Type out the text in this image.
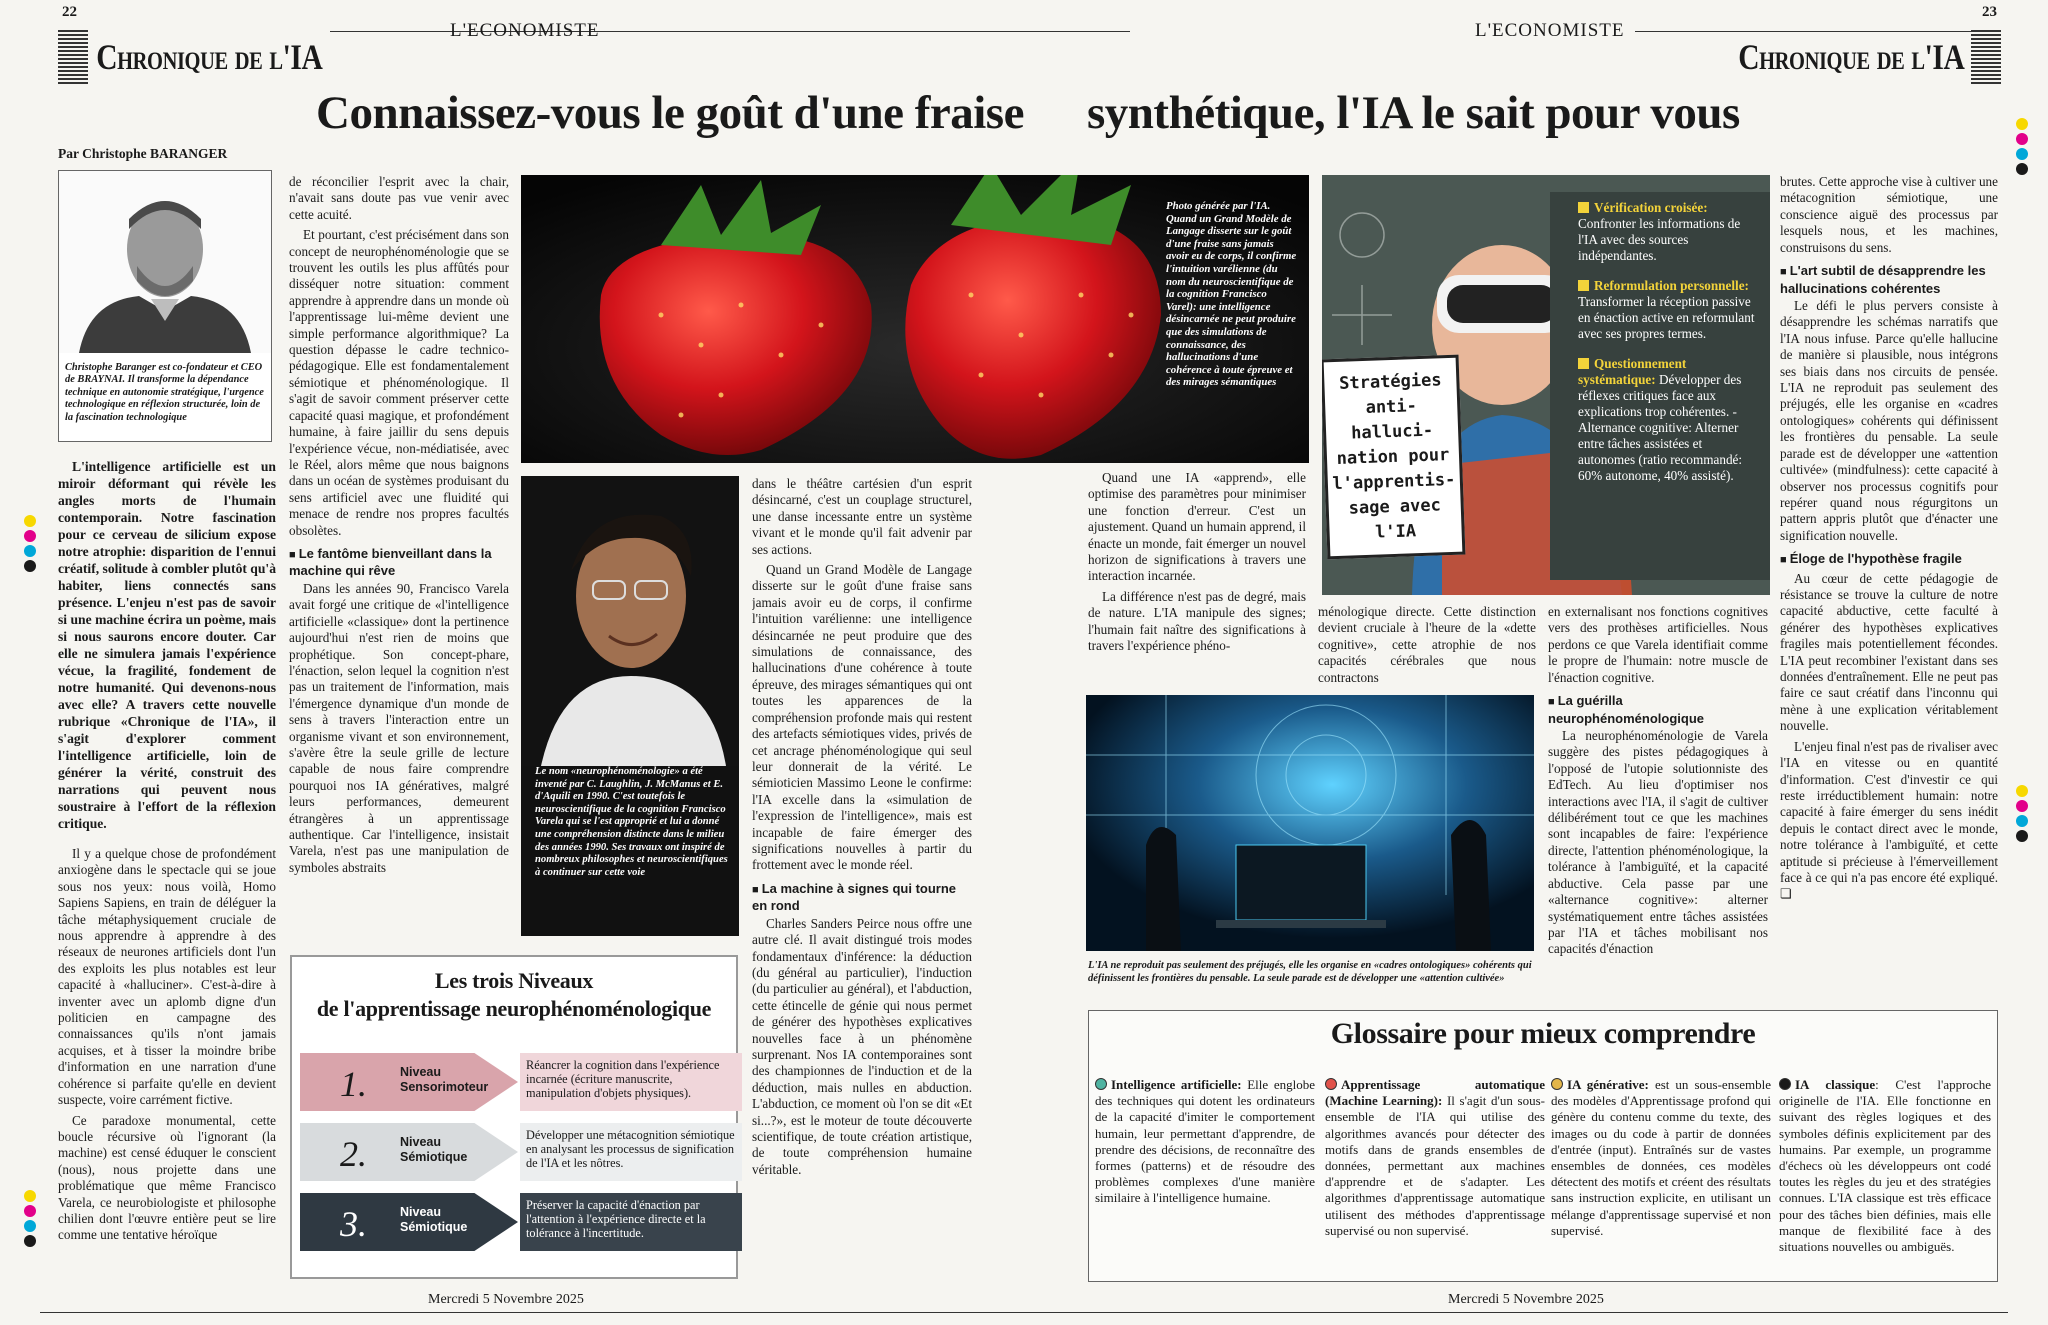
22	23
L'ECONOMISTE	L'ECONOMISTE
Chronique de l'IA	Chronique de l'IA
Connaissez-vous le goût d'une fraise synthétique, l'IA le sait pour vous
Par Christophe BARANGER
Christophe Baranger est co-fondateur et CEO de BRAYNAI. Il transforme la dépendance technique en autonomie stratégique, l'urgence technologique en réflexion structurée, loin de la fascination technologique

L'intelligence artificielle est un miroir déformant qui révèle les angles morts de l'humain contemporain. Notre fascination pour ce cerveau de silicium expose notre atrophie: disparition de l'ennui créatif, solitude à combler plutôt qu'à habiter, liens connectés sans présence. L'enjeu n'est pas de savoir si une machine écrira un poème, mais si nous saurons encore douter. Car elle ne simulera jamais l'expérience vécue, la fragilité, fondement de notre humanité. Qui devenons-nous avec elle? A travers cette nouvelle rubrique «Chronique de l'IA», il s'agit d'explorer comment l'intelligence artificielle, loin de générer la vérité, construit des narrations qui peuvent nous soustraire à l'effort de la réflexion critique.

Il y a quelque chose de profondément anxiogène dans le spectacle qui se joue sous nos yeux: nous voilà, Homo Sapiens Sapiens, en train de déléguer la tâche métaphysiquement cruciale de nous apprendre à apprendre à des réseaux de neurones artificiels dont l'un des exploits les plus notables est leur capacité à «halluciner». C'est-à-dire à inventer avec un aplomb digne d'un politicien en campagne des connaissances qu'ils n'ont jamais acquises, et à tisser la moindre bribe d'information en une narration d'une cohérence si parfaite qu'elle en devient suspecte, voire carrément fictive.

Ce paradoxe monumental, cette boucle récursive où l'ignorant (la machine) est censé éduquer le conscient (nous), nous projette dans une problématique que même Francisco Varela, ce neurobiologiste et philosophe chilien dont l'œuvre entière peut se lire comme une tentative héroïque

de réconcilier l'esprit avec la chair, n'avait sans doute pas vue venir avec cette acuité.

Et pourtant, c'est précisément dans son concept de neurophénoménologie que se trouvent les outils les plus affûtés pour disséquer notre situation: comment apprendre à apprendre dans un monde où l'apprentissage lui-même devient une simple performance algorithmique? La question dépasse le cadre technico-pédagogique. Elle est fondamentalement sémiotique et phénoménologique. Il s'agit de savoir comment préserver cette capacité quasi magique, et profondément humaine, à faire jaillir du sens depuis l'expérience vécue, non-médiatisée, avec le Réel, alors même que nous baignons dans un océan de systèmes produisant du sens artificiel avec une fluidité qui menace de rendre nos propres facultés obsolètes.

■ Le fantôme bienveillant dans la machine qui rêve

Dans les années 90, Francisco Varela avait forgé une critique de «l'intelligence artificielle «classique» dont la pertinence aujourd'hui n'est rien de moins que prophétique. Son concept-phare, l'énaction, selon lequel la cognition n'est pas un traitement de l'information, mais l'émergence dynamique d'un monde de sens à travers l'interaction entre un organisme vivant et son environnement, s'avère être la seule grille de lecture capable de nous faire comprendre pourquoi nos IA génératives, malgré leurs performances, demeurent étrangères à un apprentissage authentique. Car l'intelligence, insistait Varela, n'est pas une manipulation de symboles abstraits

Photo générée par l'IA. Quand un Grand Modèle de Langage disserte sur le goût d'une fraise sans jamais avoir eu de corps, il confirme l'intuition varélienne (du nom du neuroscientifique de la cognition Francisco Varel): une intelligence désincarnée ne peut produire que des simulations de connaissance, des hallucinations d'une cohérence à toute épreuve et des mirages sémantiques
Le nom «neurophénoménologie» a été inventé par C. Laughlin, J. McManus et E. d'Aquili en 1990. C'est toutefois le neuroscientifique de la cognition Francisco Varela qui se l'est approprié et lui a donné une compréhension distincte dans le milieu des années 1990. Ses travaux ont inspiré de nombreux philosophes et neuroscientifiques à continuer sur cette voie

dans le théâtre cartésien d'un esprit désincarné, c'est un couplage structurel, une danse incessante entre un système vivant et le monde qu'il fait advenir par ses actions.

Quand un Grand Modèle de Langage disserte sur le goût d'une fraise sans jamais avoir eu de corps, il confirme l'intuition varélienne: une intelligence désincarnée ne peut produire que des simulations de connaissance, des hallucinations d'une cohérence à toute épreuve, des mirages sémantiques qui ont toutes les apparences de la compréhension profonde mais qui restent des artefacts sémiotiques vides, privés de cet ancrage phénoménologique qui seul leur donnerait de la vérité. Le sémioticien Massimo Leone le confirme: l'IA excelle dans la «simulation de l'expression de l'intelligence», mais est incapable de faire émerger des significations nouvelles à partir du frottement avec le monde réel.

■ La machine à signes qui tourne en rond

Charles Sanders Peirce nous offre une autre clé. Il avait distingué trois modes fondamentaux d'inférence: la déduction (du général au particulier), l'induction (du particulier au général), et l'abduction, cette étincelle de génie qui nous permet de générer des hypothèses explicatives nouvelles face à un phénomène surprenant. Nos IA contemporaines sont des championnes de l'induction et de la déduction, mais nulles en abduction. L'abduction, ce moment où l'on se dit «Et si...?», est le moteur de toute découverte scientifique, de toute création artistique, de toute compréhension humaine véritable.

Les trois Niveaux
de l'apprentissage neurophénoménologique
1.	Niveau
Sensorimoteur
Réancrer la cognition dans l'expérience incarnée (écriture manuscrite, manipulation d'objets physiques).
2.	Niveau
Sémiotique
Développer une métacognition sémiotique en analysant les processus de signification de l'IA et les nôtres.
3.	Niveau
Sémiotique
Préserver la capacité d'énaction par l'attention à l'expérience directe et la tolérance à l'incertitude.
Stratégies anti-halluci-nation pour l'apprentis-sage avec l'IA
Vérification croisée: Confronter les informations de l'IA avec des sources indépendantes.
Reformulation personnelle: Transformer la réception passive en énaction active en reformulant avec ses propres termes.
Questionnement systématique: Développer des réflexes critiques face aux explications trop cohérentes. -Alternance cognitive: Alterner entre tâches assistées et autonomes (ratio recommandé: 60% autonome, 40% assisté).

Quand une IA «apprend», elle optimise des paramètres pour minimiser une fonction d'erreur. C'est un ajustement. Quand un humain apprend, il énacte un monde, fait émerger un nouvel horizon de significations à travers une interaction incarnée.

La différence n'est pas de degré, mais de nature. L'IA manipule des signes; l'humain fait naître des significations à travers l'expérience phéno-

ménologique directe. Cette distinction devient cruciale à l'heure de la «dette cognitive», cette atrophie de nos capacités cérébrales que nous contractons

L'IA ne reproduit pas seulement des préjugés, elle les organise en «cadres ontologiques» cohérents qui définissent les frontières du pensable. La seule parade est de développer une «attention cultivée»

en externalisant nos fonctions cognitives vers des prothèses artificielles. Nous perdons ce que Varela identifiait comme le propre de l'humain: notre muscle de l'énaction cognitive.

■ La guérilla neurophénoménologique

La neurophénoménologie de Varela suggère des pistes pédagogiques à l'opposé de l'utopie solutionniste des EdTech. Au lieu d'optimiser nos interactions avec l'IA, il s'agit de cultiver délibérément tout ce que les machines sont incapables de faire: l'expérience directe, l'attention phénoménologique, la tolérance à l'ambiguïté, et la capacité abductive. Cela passe par une «alternance cognitive»: alterner systématiquement entre tâches assistées par l'IA et tâches mobilisant nos capacités d'énaction

brutes. Cette approche vise à cultiver une métacognition sémiotique, une conscience aiguë des processus par lesquels nous, et les machines, construisons du sens.

■ L'art subtil de désapprendre les hallucinations cohérentes

Le défi le plus pervers consiste à désapprendre les schémas narratifs que l'IA nous infuse. Parce qu'elle hallucine de manière si plausible, nous intégrons ses biais dans nos circuits de pensée. L'IA ne reproduit pas seulement des préjugés, elle les organise en «cadres ontologiques» cohérents qui définissent les frontières du pensable. La seule parade est de développer une «attention cultivée» (mindfulness): cette capacité à observer nos processus cognitifs pour repérer quand nous régurgitons un pattern appris plutôt que d'énacter une signification nouvelle.

■ Éloge de l'hypothèse fragile

Au cœur de cette pédagogie de résistance se trouve la culture de notre capacité abductive, cette faculté à générer des hypothèses explicatives fragiles mais potentiellement fécondes. L'IA peut recombiner l'existant dans ses données d'entraînement. Elle ne peut pas faire ce saut créatif dans l'inconnu qui mène à une explication véritablement nouvelle.

L'enjeu final n'est pas de rivaliser avec l'IA en vitesse ou en quantité d'information. C'est d'investir ce qui reste irréductiblement humain: notre capacité à faire émerger du sens inédit depuis le contact direct avec le monde, notre tolérance à l'ambiguïté, et cette aptitude si précieuse à l'émerveillement face à ce qui n'a pas encore été expliqué. ❏

Glossaire pour mieux comprendre
Intelligence artificielle: Elle englobe des techniques qui dotent les ordinateurs de la capacité d'imiter le comportement humain, leur permettant d'apprendre, de prendre des décisions, de reconnaître des formes (patterns) et de résoudre des problèmes complexes d'une manière similaire à l'intelligence humaine.
Apprentissage automatique (Machine Learning): Il s'agit d'un sous-ensemble de l'IA qui utilise des algorithmes avancés pour détecter des motifs dans de grands ensembles de données, permettant aux machines d'apprendre et de s'adapter. Les algorithmes d'apprentissage automatique utilisent des méthodes d'apprentissage supervisé ou non supervisé.
IA générative: est un sous-ensemble des modèles d'Apprentissage profond qui génère du contenu comme du texte, des images ou du code à partir de données d'entrée (input). Entraînés sur de vastes ensembles de données, ces modèles détectent des motifs et créent des résultats sans instruction explicite, en utilisant un mélange d'apprentissage supervisé et non supervisé.
IA classique: C'est l'approche originelle de l'IA. Elle fonctionne en suivant des règles logiques et des symboles définis explicitement par des humains. Par exemple, un programme d'échecs où les développeurs ont codé toutes les règles du jeu et des stratégies connues. L'IA classique est très efficace pour des tâches bien définies, mais elle manque de flexibilité face à des situations nouvelles ou ambiguës.
Mercredi 5 Novembre 2025	Mercredi 5 Novembre 2025
